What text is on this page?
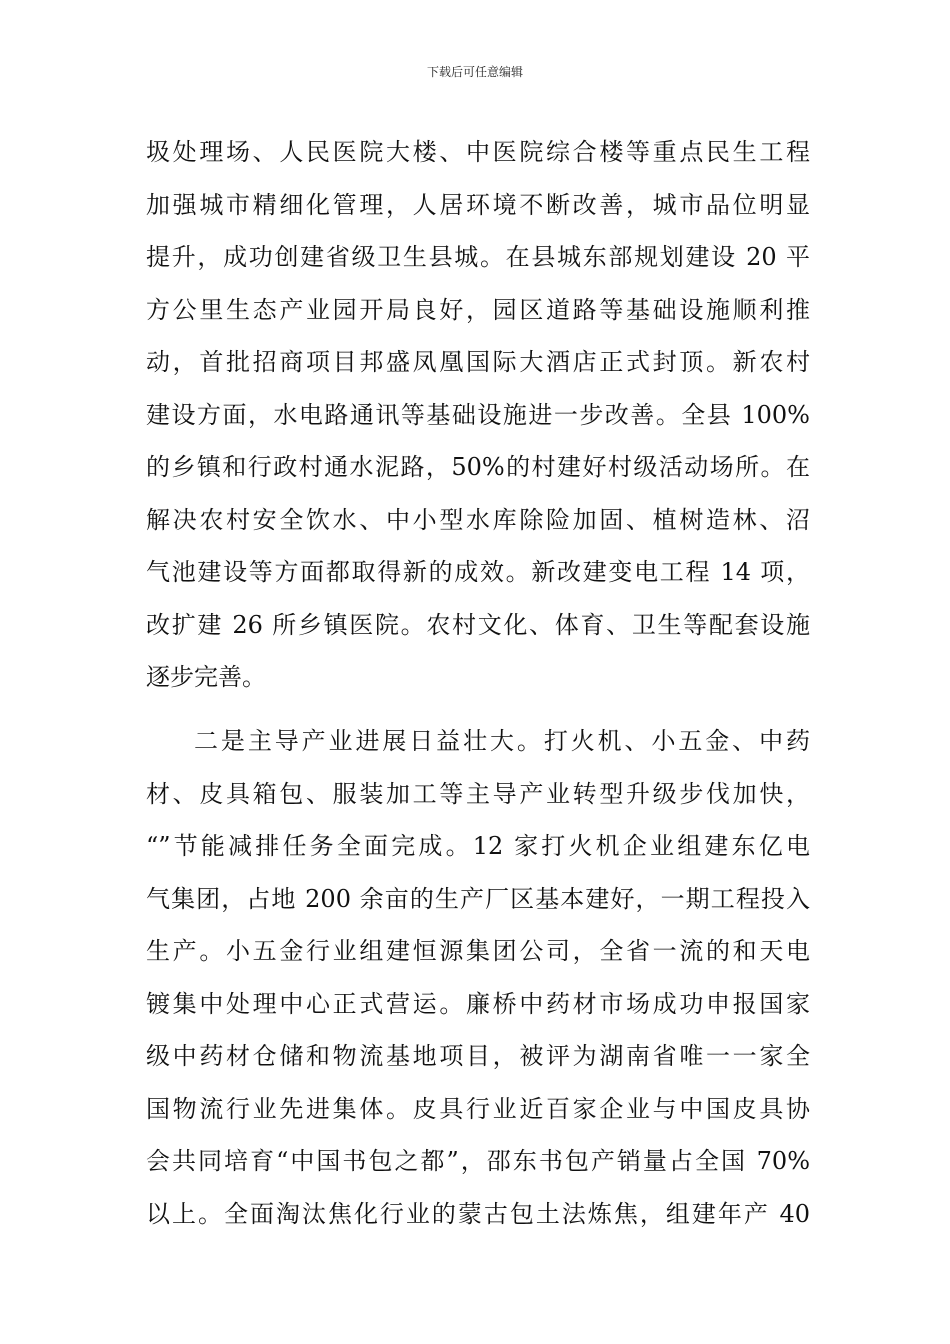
下载后可任意编辑
圾处理场、人民医院大楼、中医院综合楼等重点民生工程
加强城市精细化管理，人居环境不断改善，城市品位明显
提升，成功创建省级卫生县城。在县城东部规划建设 20 平
方公里生态产业园开局良好，园区道路等基础设施顺利推
动，首批招商项目邦盛凤凰国际大酒店正式封顶。新农村
建设方面，水电路通讯等基础设施进一步改善。全县 100%
的乡镇和行政村通水泥路，50%的村建好村级活动场所。在
解决农村安全饮水、中小型水库除险加固、植树造林、沼
气池建设等方面都取得新的成效。新改建变电工程 14 项，
改扩建 26 所乡镇医院。农村文化、体育、卫生等配套设施
逐步完善。
二是主导产业进展日益壮大。打火机、小五金、中药
材、皮具箱包、服装加工等主导产业转型升级步伐加快，
“”节能减排任务全面完成。12 家打火机企业组建东亿电
气集团，占地 200 余亩的生产厂区基本建好，一期工程投入
生产。小五金行业组建恒源集团公司，全省一流的和天电
镀集中处理中心正式营运。廉桥中药材市场成功申报国家
级中药材仓储和物流基地项目，被评为湖南省唯一一家全
国物流行业先进集体。皮具行业近百家企业与中国皮具协
会共同培育“中国书包之都”，邵东书包产销量占全国 70%
以上。全面淘汰焦化行业的蒙古包土法炼焦，组建年产 40
